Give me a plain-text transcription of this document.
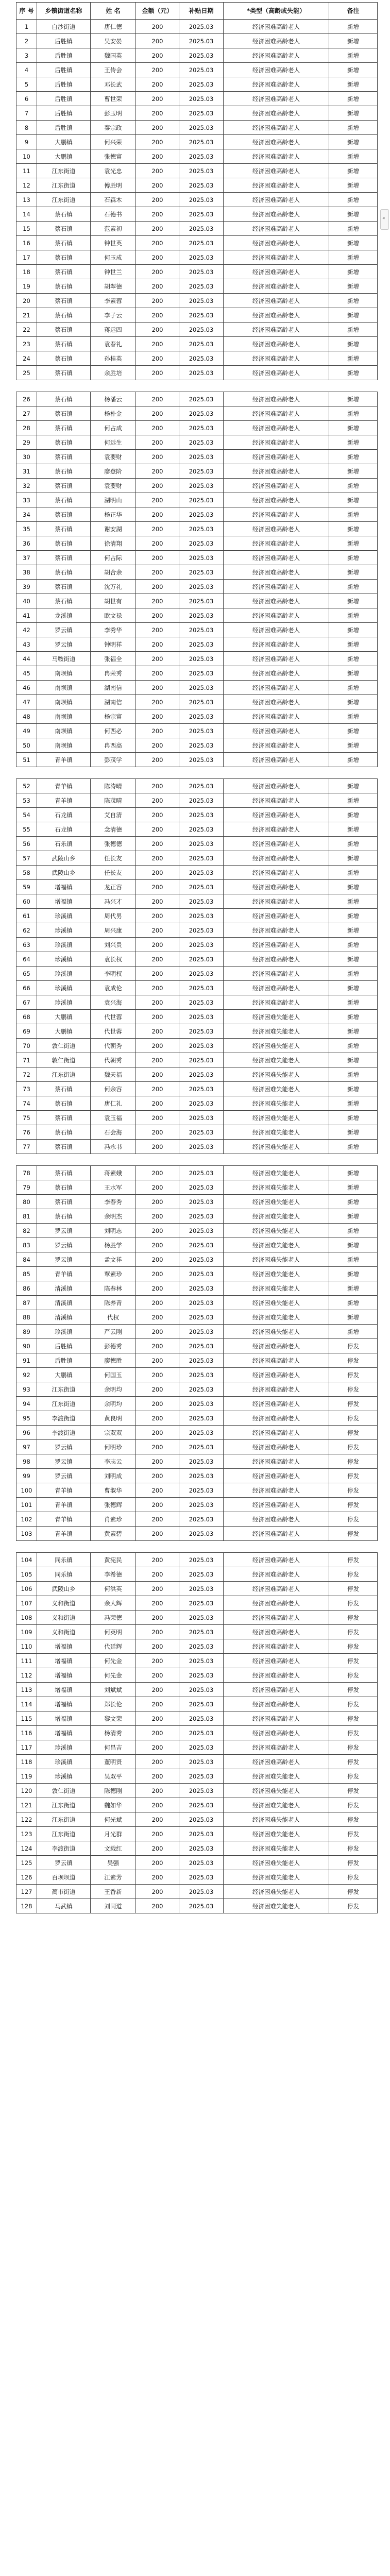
序 号	乡镇街道名称	姓 名	金额（元）	补贴日期	*类型（高龄或失能）	备注
1	白沙街道	唐仁德	200	2025.03	经济困难高龄老人	新增
2	后胜镇	吴安晏	200	2025.03	经济困难高龄老人	新增
3	后胜镇	魏国英	200	2025.03	经济困难高龄老人	新增
4	后胜镇	王传会	200	2025.03	经济困难高龄老人	新增
5	后胜镇	邓长武	200	2025.03	经济困难高龄老人	新增
6	后胜镇	曹世荣	200	2025.03	经济困难高龄老人	新增
7	后胜镇	彭玉明	200	2025.03	经济困难高龄老人	新增
8	后胜镇	秦宗政	200	2025.03	经济困难高龄老人	新增
9	大鹏镇	何兴荣	200	2025.03	经济困难高龄老人	新增
10	大鹏镇	张德富	200	2025.03	经济困难高龄老人	新增
11	江东街道	袁光忠	200	2025.03	经济困难高龄老人	新增
12	江东街道	傅胜明	200	2025.03	经济困难高龄老人	新增
13	江东街道	石森木	200	2025.03	经济困难高龄老人	新增
14	蔡石镇	石德书	200	2025.03	经济困难高龄老人	新增
15	蔡石镇	范素初	200	2025.03	经济困难高龄老人	新增
16	蔡石镇	钟世英	200	2025.03	经济困难高龄老人	新增
17	蔡石镇	何玉成	200	2025.03	经济困难高龄老人	新增
18	蔡石镇	钟世兰	200	2025.03	经济困难高龄老人	新增
19	蔡石镇	胡翠德	200	2025.03	经济困难高龄老人	新增
20	蔡石镇	李素蓉	200	2025.03	经济困难高龄老人	新增
21	蔡石镇	李子云	200	2025.03	经济困难高龄老人	新增
22	蔡石镇	蒋远四	200	2025.03	经济困难高龄老人	新增
23	蔡石镇	袁春礼	200	2025.03	经济困难高龄老人	新增
24	蔡石镇	孙桂英	200	2025.03	经济困难高龄老人	新增
25	蔡石镇	余胜培	200	2025.03	经济困难高龄老人	新增

26	蔡石镇	杨潘云	200	2025.03	经济困难高龄老人	新增
27	蔡石镇	杨朴金	200	2025.03	经济困难高龄老人	新增
28	蔡石镇	何占成	200	2025.03	经济困难高龄老人	新增
29	蔡石镇	何远生	200	2025.03	经济困难高龄老人	新增
30	蔡石镇	袁要财	200	2025.03	经济困难高龄老人	新增
31	蔡石镇	廖登阶	200	2025.03	经济困难高龄老人	新增
32	蔡石镇	袁要财	200	2025.03	经济困难高龄老人	新增
33	蔡石镇	湖明山	200	2025.03	经济困难高龄老人	新增
34	蔡石镇	杨正华	200	2025.03	经济困难高龄老人	新增
35	蔡石镇	谢安湖	200	2025.03	经济困难高龄老人	新增
36	蔡石镇	徐清翔	200	2025.03	经济困难高龄老人	新增
37	蔡石镇	何占际	200	2025.03	经济困难高龄老人	新增
38	蔡石镇	胡合余	200	2025.03	经济困难高龄老人	新增
39	蔡石镇	沈万礼	200	2025.03	经济困难高龄老人	新增
40	蔡石镇	胡世有	200	2025.03	经济困难高龄老人	新增
41	龙溪镇	欧文禄	200	2025.03	经济困难高龄老人	新增
42	罗云镇	李秀华	200	2025.03	经济困难高龄老人	新增
43	罗云镇	钟明祥	200	2025.03	经济困难高龄老人	新增
44	马鞍街道	张福全	200	2025.03	经济困难高龄老人	新增
45	南坝镇	冉荣秀	200	2025.03	经济困难高龄老人	新增
46	南坝镇	湖南信	200	2025.03	经济困难高龄老人	新增
47	南坝镇	湖南信	200	2025.03	经济困难高龄老人	新增
48	南坝镇	杨宗富	200	2025.03	经济困难高龄老人	新增
49	南坝镇	何西必	200	2025.03	经济困难高龄老人	新增
50	南坝镇	冉西高	200	2025.03	经济困难高龄老人	新增
51	青羊镇	彭茂学	200	2025.03	经济困难高龄老人	新增

52	青羊镇	陈涛晴	200	2025.03	经济困难高龄老人	新增
53	青羊镇	陈茂晴	200	2025.03	经济困难高龄老人	新增
54	石龙镇	艾自清	200	2025.03	经济困难高龄老人	新增
55	石龙镇	念清德	200	2025.03	经济困难高龄老人	新增
56	石乐镇	张德德	200	2025.03	经济困难高龄老人	新增
57	武陵山乡	任长友	200	2025.03	经济困难高龄老人	新增
58	武陵山乡	任长友	200	2025.03	经济困难高龄老人	新增
59	增福镇	龙正容	200	2025.03	经济困难高龄老人	新增
60	增福镇	冯兴才	200	2025.03	经济困难高龄老人	新增
61	珍溪镇	周代男	200	2025.03	经济困难高龄老人	新增
62	珍溪镇	周兴康	200	2025.03	经济困难高龄老人	新增
63	珍溪镇	刘兴贵	200	2025.03	经济困难高龄老人	新增
64	珍溪镇	袁长权	200	2025.03	经济困难高龄老人	新增
65	珍溪镇	李明权	200	2025.03	经济困难高龄老人	新增
66	珍溪镇	袁成伦	200	2025.03	经济困难高龄老人	新增
67	珍溪镇	袁兴海	200	2025.03	经济困难高龄老人	新增
68	大鹏镇	代世蓉	200	2025.03	经济困难失能老人	新增
69	大鹏镇	代世蓉	200	2025.03	经济困难失能老人	新增
70	敦仁街道	代朝秀	200	2025.03	经济困难失能老人	新增
71	敦仁街道	代朝秀	200	2025.03	经济困难失能老人	新增
72	江东街道	魏天福	200	2025.03	经济困难失能老人	新增
73	蔡石镇	何余容	200	2025.03	经济困难失能老人	新增
74	蔡石镇	唐仁礼	200	2025.03	经济困难失能老人	新增
75	蔡石镇	袁玉福	200	2025.03	经济困难失能老人	新增
76	蔡石镇	石会海	200	2025.03	经济困难失能老人	新增
77	蔡石镇	冯永书	200	2025.03	经济困难失能老人	新增

78	蔡石镇	蒋素娥	200	2025.03	经济困难失能老人	新增
79	蔡石镇	王水军	200	2025.03	经济困难失能老人	新增
80	蔡石镇	李春秀	200	2025.03	经济困难失能老人	新增
81	蔡石镇	余明杰	200	2025.03	经济困难失能老人	新增
82	罗云镇	刘明志	200	2025.03	经济困难失能老人	新增
83	罗云镇	杨胜学	200	2025.03	经济困难失能老人	新增
84	罗云镇	孟文祥	200	2025.03	经济困难失能老人	新增
85	青羊镇	覃素珍	200	2025.03	经济困难失能老人	新增
86	清溪镇	陈春林	200	2025.03	经济困难失能老人	新增
87	清溪镇	陈养青	200	2025.03	经济困难失能老人	新增
88	清溪镇	代权	200	2025.03	经济困难失能老人	新增
89	珍溪镇	严云刚	200	2025.03	经济困难失能老人	新增
90	后胜镇	彭德秀	200	2025.03	经济困难高龄老人	停发
91	后胜镇	廖德胜	200	2025.03	经济困难高龄老人	停发
92	大鹏镇	何国玉	200	2025.03	经济困难高龄老人	停发
93	江东街道	余明均	200	2025.03	经济困难高龄老人	停发
94	江东街道	余明均	200	2025.03	经济困难高龄老人	停发
95	李渡街道	黄良明	200	2025.03	经济困难高龄老人	停发
96	李渡街道	宗双双	200	2025.03	经济困难高龄老人	停发
97	罗云镇	何明珍	200	2025.03	经济困难高龄老人	停发
98	罗云镇	李志云	200	2025.03	经济困难高龄老人	停发
99	罗云镇	刘明成	200	2025.03	经济困难高龄老人	停发
100	青羊镇	曹淑华	200	2025.03	经济困难高龄老人	停发
101	青羊镇	张德辉	200	2025.03	经济困难高龄老人	停发
102	青羊镇	肖素珍	200	2025.03	经济困难高龄老人	停发
103	青羊镇	黄素碧	200	2025.03	经济困难高龄老人	停发

104	同乐镇	黄宪民	200	2025.03	经济困难高龄老人	停发
105	同乐镇	李希德	200	2025.03	经济困难高龄老人	停发
106	武陵山乡	何洪英	200	2025.03	经济困难高龄老人	停发
107	义和街道	余大辉	200	2025.03	经济困难高龄老人	停发
108	义和街道	冯荣德	200	2025.03	经济困难高龄老人	停发
109	义和街道	何英明	200	2025.03	经济困难高龄老人	停发
110	增福镇	代廷辉	200	2025.03	经济困难高龄老人	停发
111	增福镇	何先金	200	2025.03	经济困难高龄老人	停发
112	增福镇	何先金	200	2025.03	经济困难高龄老人	停发
113	增福镇	刘斌斌	200	2025.03	经济困难高龄老人	停发
114	增福镇	郑长伦	200	2025.03	经济困难高龄老人	停发
115	增福镇	黎文荣	200	2025.03	经济困难高龄老人	停发
116	增福镇	杨清秀	200	2025.03	经济困难高龄老人	停发
117	珍溪镇	何昌吉	200	2025.03	经济困难高龄老人	停发
118	珍溪镇	董明贤	200	2025.03	经济困难高龄老人	停发
119	珍溪镇	吴双平	200	2025.03	经济困难失能老人	停发
120	敦仁街道	陈德刚	200	2025.03	经济困难失能老人	停发
121	江东街道	魏如华	200	2025.03	经济困难失能老人	停发
122	江东街道	何光斌	200	2025.03	经济困难失能老人	停发
123	江东街道	月光群	200	2025.03	经济困难失能老人	停发
124	李渡街道	文载红	200	2025.03	经济困难失能老人	停发
125	罗云镇	吴强	200	2025.03	经济困难失能老人	停发
126	百坝坝道	江素芳	200	2025.03	经济困难失能老人	停发
127	蔺市街道	王香新	200	2025.03	经济困难失能老人	停发
128	马武镇	刘同道	200	2025.03	经济困难失能老人	停发
«
